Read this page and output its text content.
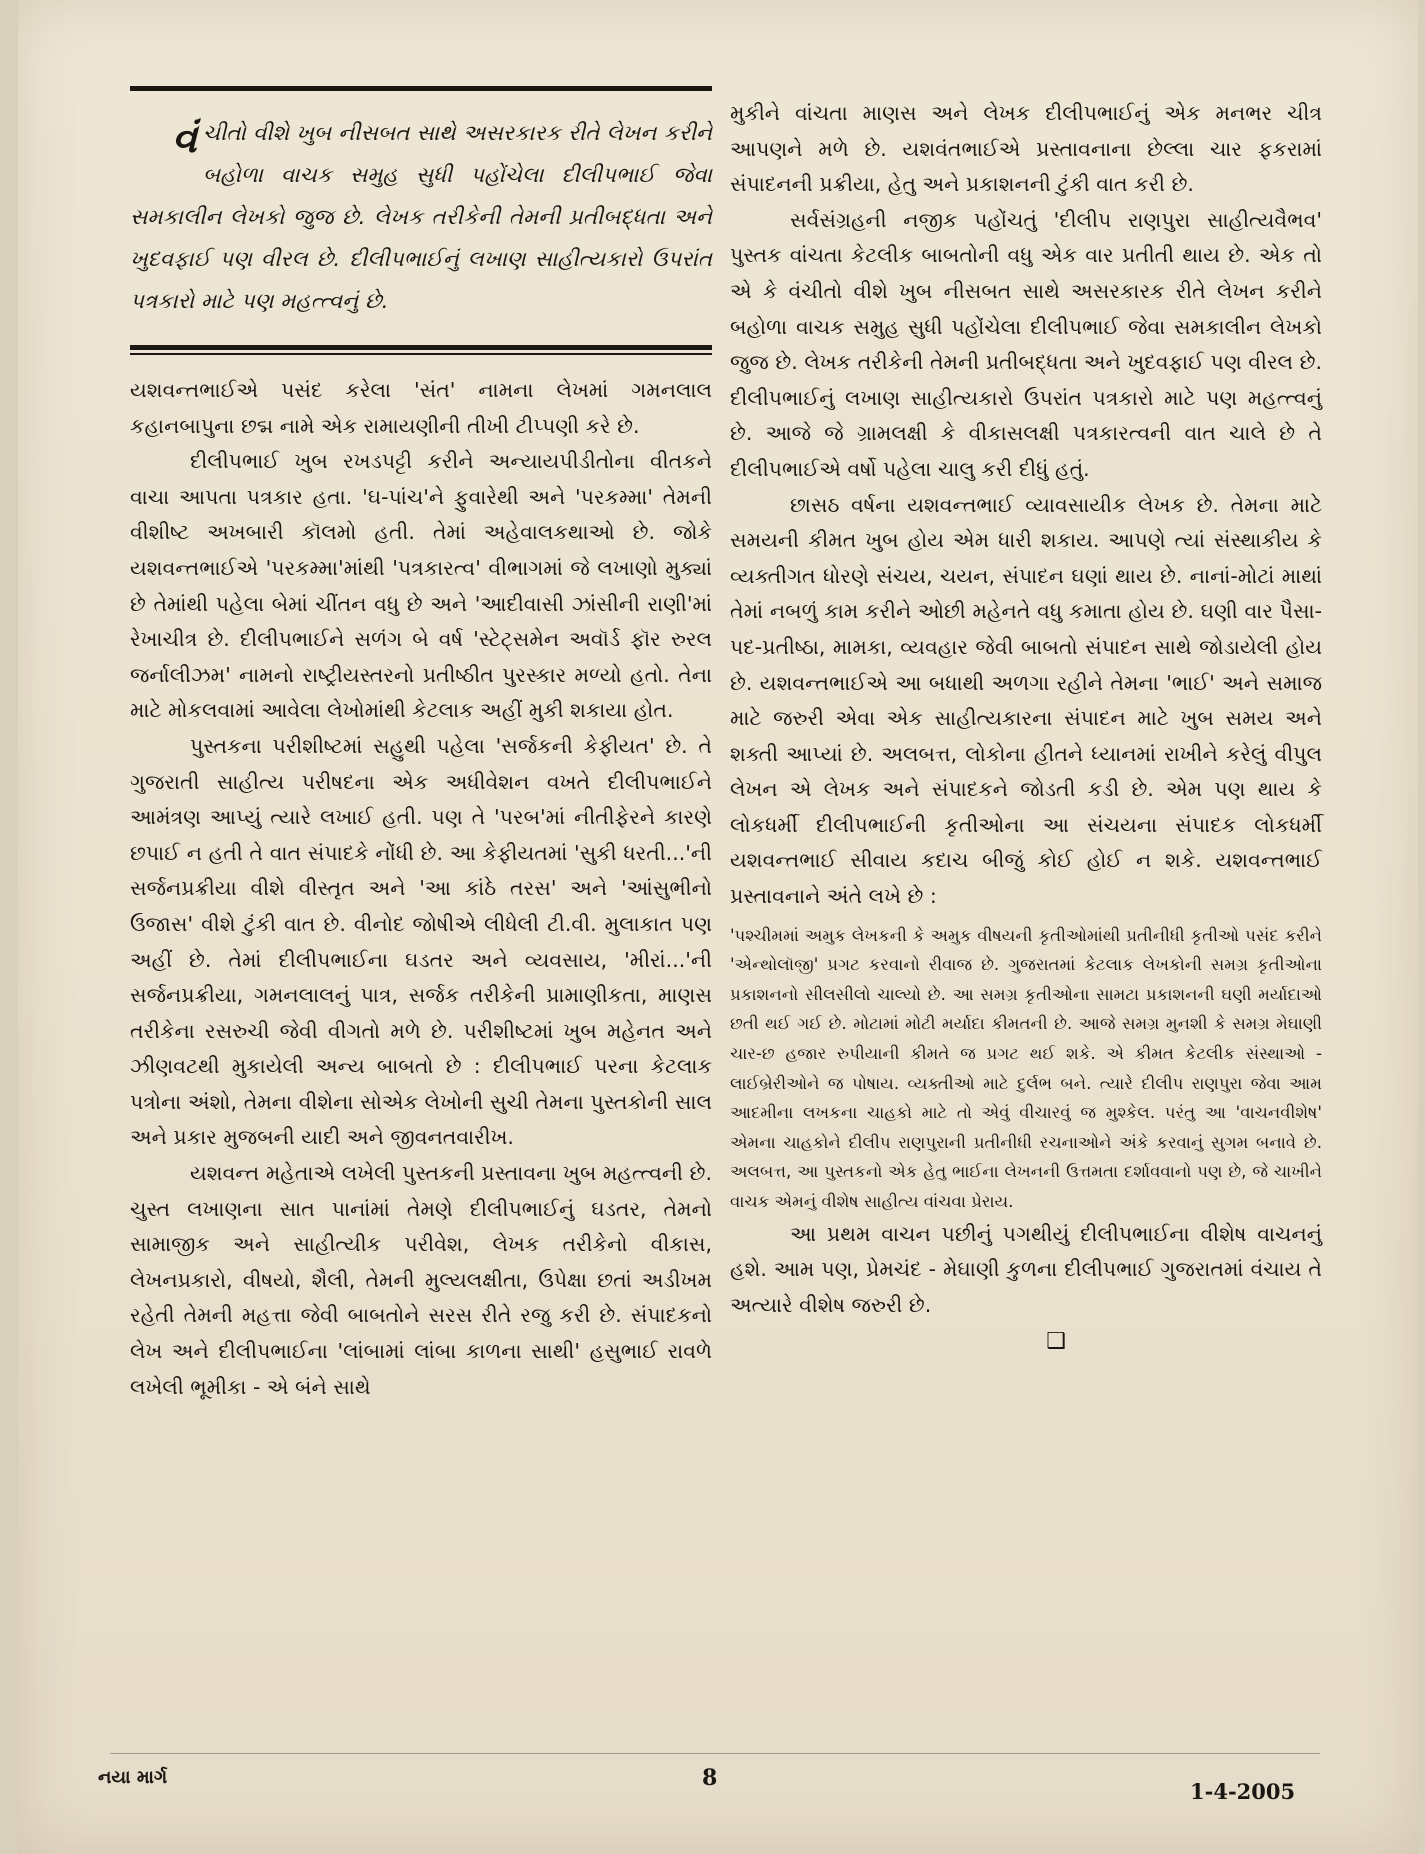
વં ચીતો વીશે ખુબ નીસબત સાથે અસરકારક રીતે લેખન કરીને બહોળા વાચક સમુહ સુધી પહોંચેલા દીલીપભાઈ જેવા સમકાલીન લેખકો જુજ છે. લેખક તરીકેની તેમની પ્રતીબદ્ધતા અને ખુદવફાઈ પણ વીરલ છે. દીલીપભાઈનું લખાણ સાહીત્યકારો ઉપરાંત પત્રકારો માટે પણ મહત્ત્વનું છે.

યશવન્તભાઈએ પસંદ કરેલા 'સંત' નામના લેખમાં ગમનલાલ કહાનબાપુના છદ્મ નામે એક રામાયણીની તીખી ટીપ્પણી કરે છે.

દીલીપભાઈ ખુબ રખડપટ્ટી કરીને અન્યાયપીડીતોના વીતકને વાચા આપતા પત્રકાર હતા. 'ઘ-પાંચ'ને ફુવારેથી અને 'પરકમ્મા' તેમની વીશીષ્ટ અખબારી કૉલમો હતી. તેમાં અહેવાલકથાઓ છે. જોકે યશવન્તભાઈએ 'પરકમ્મા'માંથી 'પત્રકારત્વ' વીભાગમાં જે લખાણો મુક્યાં છે તેમાંથી પહેલા બેમાં ચીંતન વધુ છે અને 'આદીવાસી ઝાંસીની રાણી'માં રેખાચીત્ર છે. દીલીપભાઈને સળંગ બે વર્ષ 'સ્ટેટ્સમેન અવૉર્ડ ફૉર રુરલ જર્નાલીઝમ' નામનો રાષ્ટ્રીયસ્તરનો પ્રતીષ્ઠીત પુરસ્કાર મળ્યો હતો. તેના માટે મોકલવામાં આવેલા લેખોમાંથી કેટલાક અહીં મુકી શકાયા હોત.

પુસ્તકના પરીશીષ્ટમાં સહુથી પહેલા 'સર્જકની કેફીયત' છે. તે ગુજરાતી સાહીત્ય પરીષદના એક અધીવેશન વખતે દીલીપભાઈને આમંત્રણ આપ્યું ત્યારે લખાઈ હતી. પણ તે 'પરબ'માં નીતીફેરને કારણે છપાઈ ન હતી તે વાત સંપાદકે નોંધી છે. આ કેફીયતમાં 'સુકી ધરતી...'ની સર્જનપ્રક્રીયા વીશે વીસ્તૃત અને 'આ કાંઠે તરસ' અને 'આંસુભીનો ઉજાસ' વીશે ટુંકી વાત છે. વીનોદ જોષીએ લીધેલી ટી.વી. મુલાકાત પણ અહીં છે. તેમાં દીલીપભાઈના ઘડતર અને વ્યવસાય, 'મીરાં...'ની સર્જનપ્રક્રીયા, ગમનલાલનું પાત્ર, સર્જક તરીકેની પ્રામાણીકતા, માણસ તરીકેના રસરુચી જેવી વીગતો મળે છે. પરીશીષ્ટમાં ખુબ મહેનત અને ઝીણવટથી મુકાયેલી અન્ય બાબતો છે : દીલીપભાઈ પરના કેટલાક પત્રોના અંશો, તેમના વીશેના સોએક લેખોની સુચી તેમના પુસ્તકોની સાલ અને પ્રકાર મુજબની યાદી અને જીવનતવારીખ.

યશવન્ત મહેતાએ લખેલી પુસ્તકની પ્રસ્તાવના ખુબ મહત્ત્વની છે. ચુસ્ત લખાણના સાત પાનાંમાં તેમણે દીલીપભાઈનું ઘડતર, તેમનો સામાજીક અને સાહીત્યીક પરીવેશ, લેખક તરીકેનો વીકાસ, લેખનપ્રકારો, વીષયો, શૈલી, તેમની મુલ્યલક્ષીતા, ઉપેક્ષા છતાં અડીખમ રહેતી તેમની મહત્તા જેવી બાબતોને સરસ રીતે રજુ કરી છે. સંપાદકનો લેખ અને દીલીપભાઈના 'લાંબામાં લાંબા કાળના સાથી' હસુભાઈ રાવળે લખેલી ભૂમીકા - એ બંને સાથે

મુકીને વાંચતા માણસ અને લેખક દીલીપભાઈનું એક મનભર ચીત્ર આપણને મળે છે. યશવંતભાઈએ પ્રસ્તાવનાના છેલ્લા ચાર ફકરામાં સંપાદનની પ્રક્રીયા, હેતુ અને પ્રકાશનની ટુંકી વાત કરી છે.

સર્વસંગ્રહની નજીક પહોંચતું 'દીલીપ રાણપુરા સાહીત્યવૈભવ' પુસ્તક વાંચતા કેટલીક બાબતોની વધુ એક વાર પ્રતીતી થાય છે. એક તો એ કે વંચીતો વીશે ખુબ નીસબત સાથે અસરકારક રીતે લેખન કરીને બહોળા વાચક સમુહ સુધી પહોંચેલા દીલીપભાઈ જેવા સમકાલીન લેખકો જુજ છે. લેખક તરીકેની તેમની પ્રતીબદ્ધતા અને ખુદવફાઈ પણ વીરલ છે. દીલીપભાઈનું લખાણ સાહીત્યકારો ઉપરાંત પત્રકારો માટે પણ મહત્ત્વનું છે. આજે જે ગ્રામલક્ષી કે વીકાસલક્ષી પત્રકારત્વની વાત ચાલે છે તે દીલીપભાઈએ વર્ષો પહેલા ચાલુ કરી દીધું હતું.

છાસઠ વર્ષના યશવન્તભાઈ વ્યાવસાયીક લેખક છે. તેમના માટે સમયની કીમત ખુબ હોય એમ ધારી શકાય. આપણે ત્યાં સંસ્થાકીય કે વ્યક્તીગત ધોરણે સંચય, ચયન, સંપાદન ઘણાં થાય છે. નાનાં-મોટાં માથાં તેમાં નબળું કામ કરીને ઓછી મહેનતે વધુ કમાતા હોય છે. ઘણી વાર પૈસા-પદ-પ્રતીષ્ઠા, મામકા, વ્યવહાર જેવી બાબતો સંપાદન સાથે જોડાયેલી હોય છે. યશવન્તભાઈએ આ બધાથી અળગા રહીને તેમના 'ભાઈ' અને સમાજ માટે જરુરી એવા એક સાહીત્યકારના સંપાદન માટે ખુબ સમય અને શક્તી આપ્યાં છે. અલબત્ત, લોકોના હીતને ધ્યાનમાં રાખીને કરેલું વીપુલ લેખન એ લેખક અને સંપાદકને જોડતી કડી છે. એમ પણ થાય કે લોકધર્મી દીલીપભાઈની કૃતીઓના આ સંચયના સંપાદક લોકધર્મી યશવન્તભાઈ સીવાય કદાચ બીજું કોઈ હોઈ ન શકે. યશવન્તભાઈ પ્રસ્તાવનાને અંતે લખે છે :

'પશ્ચીમમાં અમુક લેખકની કે અમુક વીષયની કૃતીઓમાંથી પ્રતીનીધી કૃતીઓ પસંદ કરીને 'એન્થોલૉજી' પ્રગટ કરવાનો રીવાજ છે. ગુજરાતમાં કેટલાક લેખકોની સમગ્ર કૃતીઓના પ્રકાશનનો સીલસીલો ચાલ્યો છે. આ સમગ્ર કૃતીઓના સામટા પ્રકાશનની ઘણી મર્યાદાઓ છતી થઈ ગઈ છે. મોટામાં મોટી મર્યાદા કીમતની છે. આજે સમગ્ર મુનશી કે સમગ્ર મેઘાણી ચાર-છ હજાર રુપીયાની કીમતે જ પ્રગટ થઈ શકે. એ કીમત કેટલીક સંસ્થાઓ - લાઈબ્રેરીઓને જ પોષાય. વ્યક્તીઓ માટે દુર્લભ બને. ત્યારે દીલીપ રાણપુરા જેવા આમ આદમીના લખકના ચાહકો માટે તો એવું વીચારવું જ મુશ્કેલ. પરંતુ આ 'વાચનવીશેષ' એમના ચાહકોને દીલીપ રાણપુરાની પ્રતીનીધી રચનાઓને અંકે કરવાનું સુગમ બનાવે છે. અલબત્ત, આ પુસ્તકનો એક હેતુ ભાઈના લેખનની ઉત્તમતા દર્શાવવાનો પણ છે, જે ચાખીને વાચક એમનું વીશેષ સાહીત્ય વાંચવા પ્રેરાય.

આ પ્રથમ વાચન પછીનું પગથીયું દીલીપભાઈના વીશેષ વાચનનું હશે. આમ પણ, પ્રેમચંદ - મેઘાણી કુળના દીલીપભાઈ ગુજરાતમાં વંચાય તે અત્યારે વીશેષ જરુરી છે.

❑
નયા માર્ગ	8
1-4-2005
